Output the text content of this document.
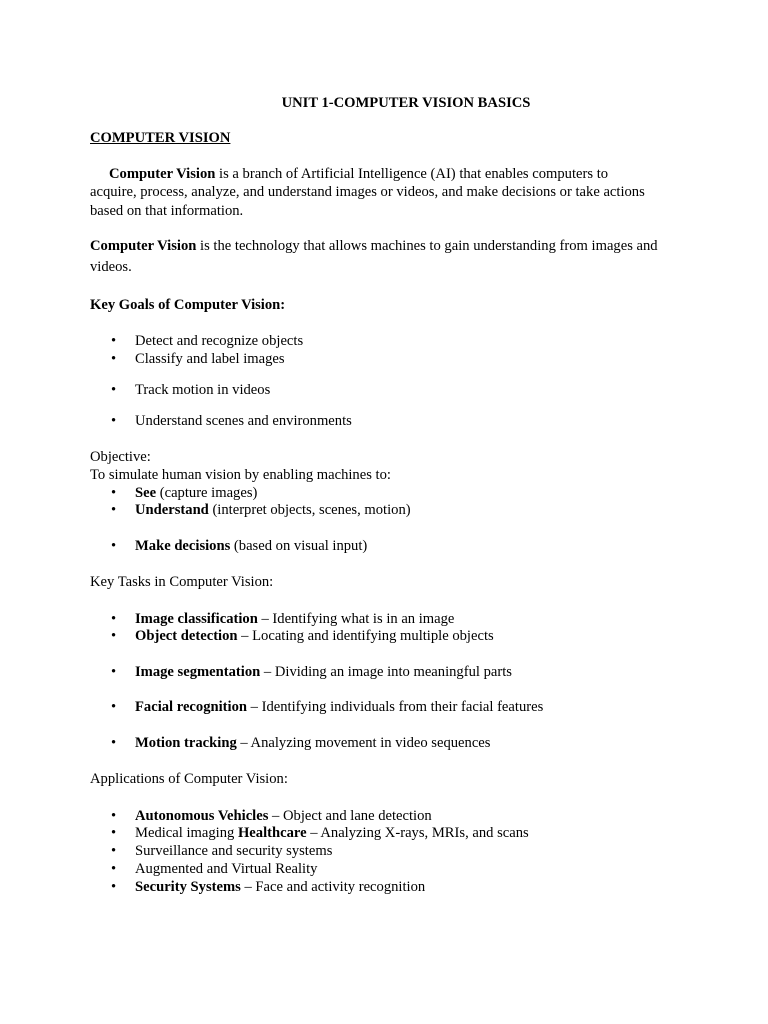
UNIT 1-COMPUTER VISION BASICS
COMPUTER VISION
Computer Vision is a branch of Artificial Intelligence (AI) that enables computers to
acquire, process, analyze, and understand images or videos, and make decisions or take actions
based on that information.
Computer Vision is the technology that allows machines to gain understanding from images and
videos.
Key Goals of Computer Vision:
• Detect and recognize objects
• Classify and label images
• Track motion in videos
• Understand scenes and environments
Objective:
To simulate human vision by enabling machines to:
• See (capture images)
• Understand (interpret objects, scenes, motion)
• Make decisions (based on visual input)
Key Tasks in Computer Vision:
• Image classification – Identifying what is in an image
• Object detection – Locating and identifying multiple objects
• Image segmentation – Dividing an image into meaningful parts
• Facial recognition – Identifying individuals from their facial features
• Motion tracking – Analyzing movement in video sequences
Applications of Computer Vision:
• Autonomous Vehicles – Object and lane detection
• Medical imaging Healthcare – Analyzing X-rays, MRIs, and scans
• Surveillance and security systems
• Augmented and Virtual Reality
• Security Systems – Face and activity recognition
